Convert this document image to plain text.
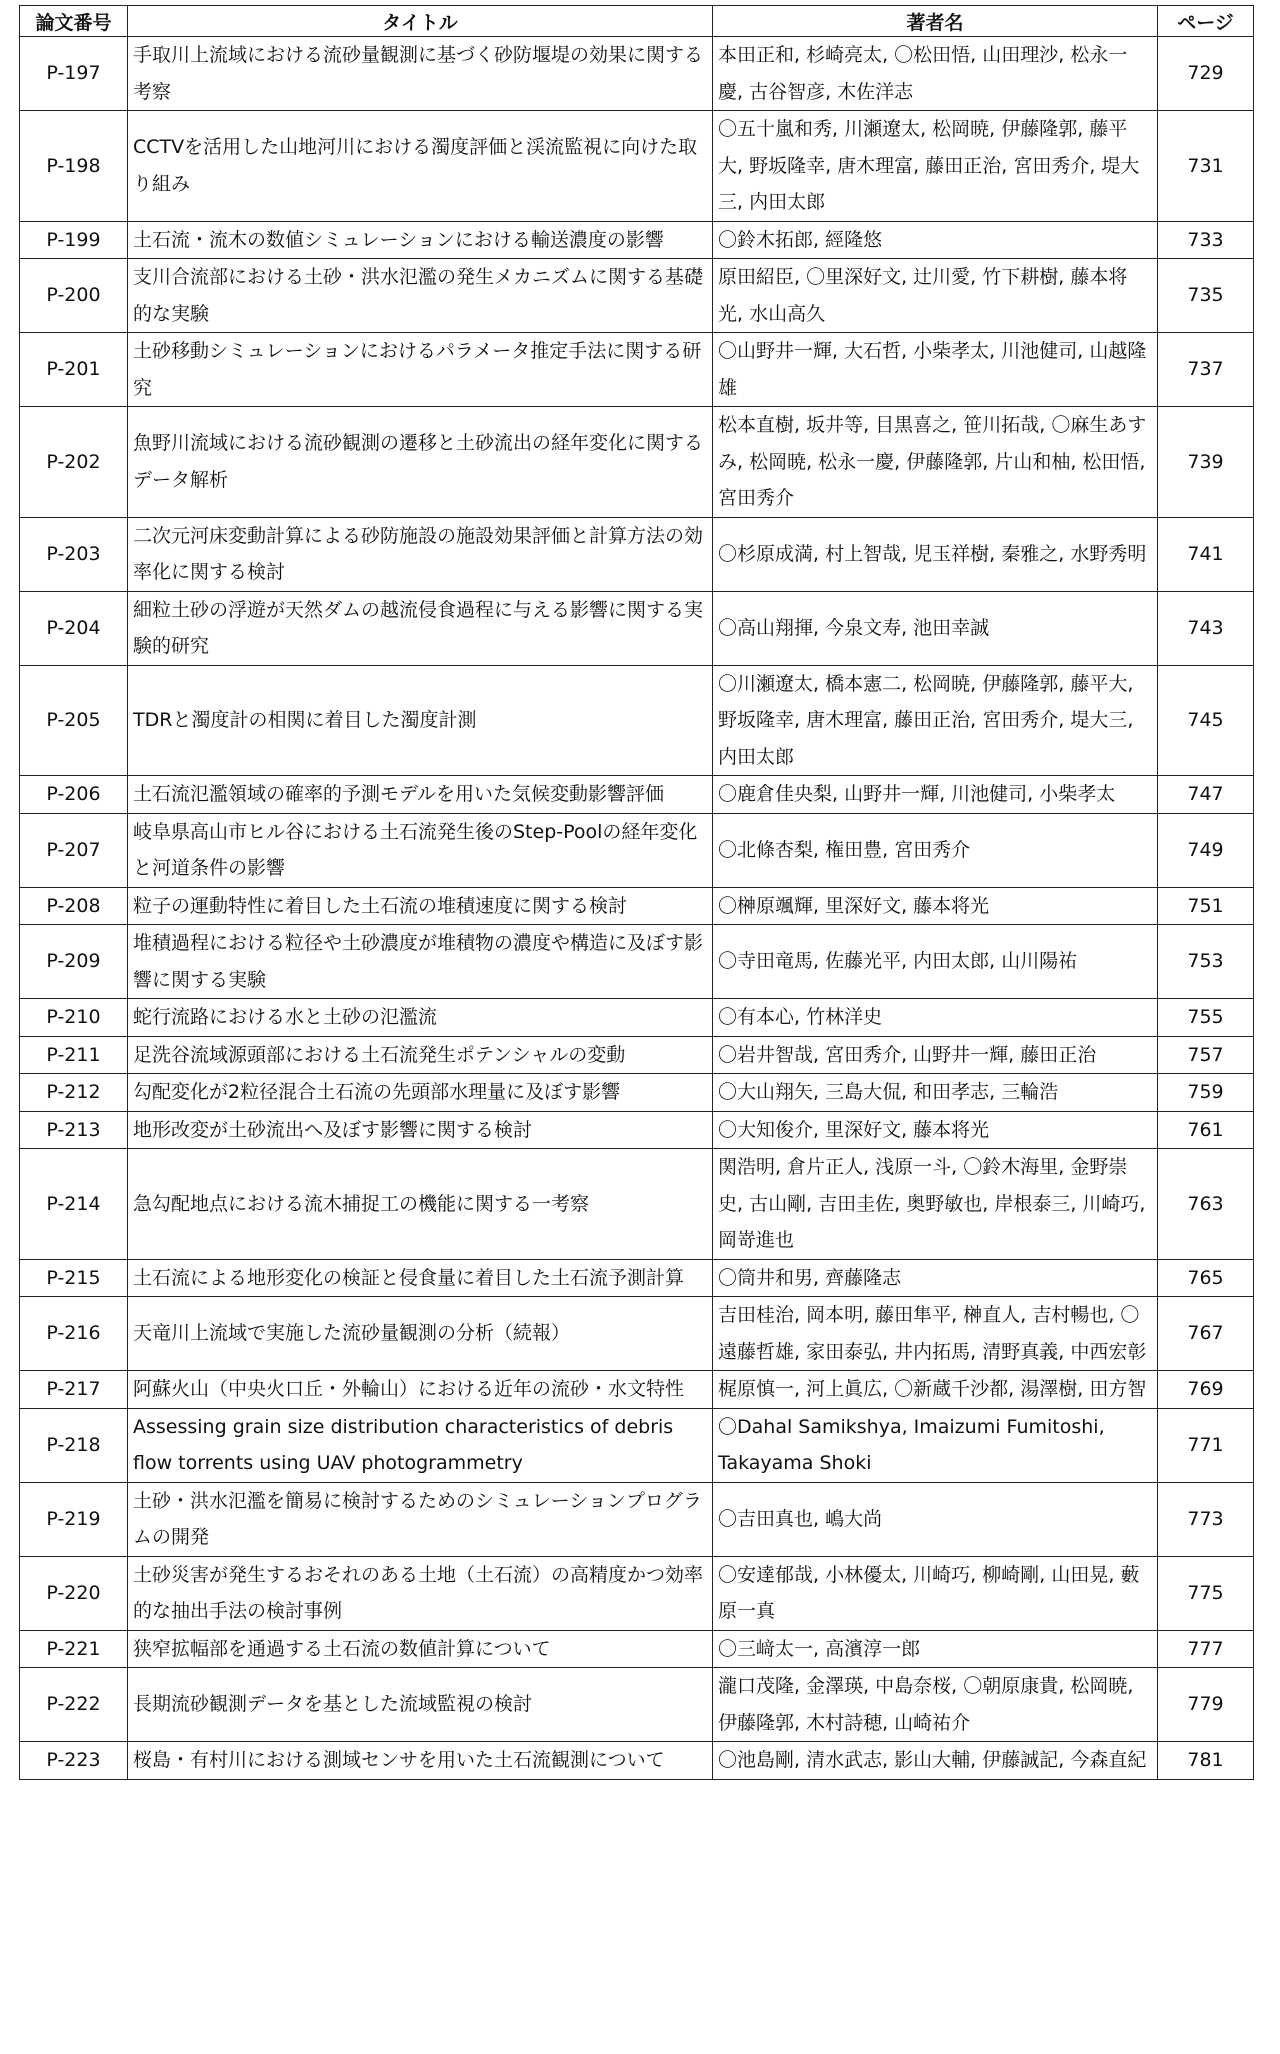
論文番号	タイトル	著者名	ページ
P-197	手取川上流域における流砂量観測に基づく砂防堰堤の効果に関する考察	本田正和, 杉崎亮太, 〇松田悟, 山田理沙, 松永一慶, 古谷智彦, 木佐洋志	729
P-198	CCTVを活用した山地河川における濁度評価と渓流監視に向けた取り組み	〇五十嵐和秀, 川瀬遼太, 松岡暁, 伊藤隆郭, 藤平大, 野坂隆幸, 唐木理富, 藤田正治, 宮田秀介, 堤大三, 内田太郎	731
P-199	土石流・流木の数値シミュレーションにおける輸送濃度の影響	〇鈴木拓郎, 經隆悠	733
P-200	支川合流部における土砂・洪水氾濫の発生メカニズムに関する基礎的な実験	原田紹臣, 〇里深好文, 辻川愛, 竹下耕樹, 藤本将光, 水山高久	735
P-201	土砂移動シミュレーションにおけるパラメータ推定手法に関する研究	〇山野井一輝, 大石哲, 小柴孝太, 川池健司, 山越隆雄	737
P-202	魚野川流域における流砂観測の遷移と土砂流出の経年変化に関するデータ解析	松本直樹, 坂井等, 目黒喜之, 笹川拓哉, 〇麻生あすみ, 松岡暁, 松永一慶, 伊藤隆郭, 片山和柚, 松田悟, 宮田秀介	739
P-203	二次元河床変動計算による砂防施設の施設効果評価と計算方法の効率化に関する検討	〇杉原成満, 村上智哉, 児玉祥樹, 秦雅之, 水野秀明	741
P-204	細粒土砂の浮遊が天然ダムの越流侵食過程に与える影響に関する実験的研究	〇高山翔揮, 今泉文寿, 池田幸誠	743
P-205	TDRと濁度計の相関に着目した濁度計測	〇川瀬遼太, 橋本憲二, 松岡暁, 伊藤隆郭, 藤平大, 野坂隆幸, 唐木理富, 藤田正治, 宮田秀介, 堤大三, 内田太郎	745
P-206	土石流氾濫領域の確率的予測モデルを用いた気候変動影響評価	〇鹿倉佳央梨, 山野井一輝, 川池健司, 小柴孝太	747
P-207	岐阜県高山市ヒル谷における土石流発生後のStep-Poolの経年変化と河道条件の影響	〇北條杏梨, 権田豊, 宮田秀介	749
P-208	粒子の運動特性に着目した土石流の堆積速度に関する検討	〇榊原颯輝, 里深好文, 藤本将光	751
P-209	堆積過程における粒径や土砂濃度が堆積物の濃度や構造に及ぼす影響に関する実験	〇寺田竜馬, 佐藤光平, 内田太郎, 山川陽祐	753
P-210	蛇行流路における水と土砂の氾濫流	〇有本心, 竹林洋史	755
P-211	足洗谷流域源頭部における土石流発生ポテンシャルの変動	〇岩井智哉, 宮田秀介, 山野井一輝, 藤田正治	757
P-212	勾配変化が2粒径混合土石流の先頭部水理量に及ぼす影響	〇大山翔矢, 三島大侃, 和田孝志, 三輪浩	759
P-213	地形改変が土砂流出へ及ぼす影響に関する検討	〇大知俊介, 里深好文, 藤本将光	761
P-214	急勾配地点における流木捕捉工の機能に関する一考察	関浩明, 倉片正人, 浅原一斗, 〇鈴木海里, 金野崇史, 古山剛, 吉田圭佐, 奥野敏也, 岸根泰三, 川崎巧, 岡嵜進也	763
P-215	土石流による地形変化の検証と侵食量に着目した土石流予測計算	〇筒井和男, 齊藤隆志	765
P-216	天竜川上流域で実施した流砂量観測の分析（続報）	吉田桂治, 岡本明, 藤田隼平, 榊直人, 吉村暢也, 〇遠藤哲雄, 家田泰弘, 井内拓馬, 清野真義, 中西宏彰	767
P-217	阿蘇火山（中央火口丘・外輪山）における近年の流砂・水文特性	梶原慎一, 河上眞広, 〇新蔵千沙都, 湯澤樹, 田方智	769
P-218	Assessing grain size distribution characteristics of debris flow torrents using UAV photogrammetry	〇Dahal Samikshya, Imaizumi Fumitoshi, Takayama Shoki	771
P-219	土砂・洪水氾濫を簡易に検討するためのシミュレーションプログラムの開発	〇吉田真也, 嶋大尚	773
P-220	土砂災害が発生するおそれのある土地（土石流）の高精度かつ効率的な抽出手法の検討事例	〇安達郁哉, 小林優太, 川崎巧, 柳崎剛, 山田晃, 藪原一真	775
P-221	狭窄拡幅部を通過する土石流の数値計算について	〇三﨑太一, 高濱淳一郎	777
P-222	長期流砂観測データを基とした流域監視の検討	瀧口茂隆, 金澤瑛, 中島奈桜, 〇朝原康貴, 松岡暁, 伊藤隆郭, 木村詩穂, 山崎祐介	779
P-223	桜島・有村川における測域センサを用いた土石流観測について	〇池島剛, 清水武志, 影山大輔, 伊藤誠記, 今森直紀	781
